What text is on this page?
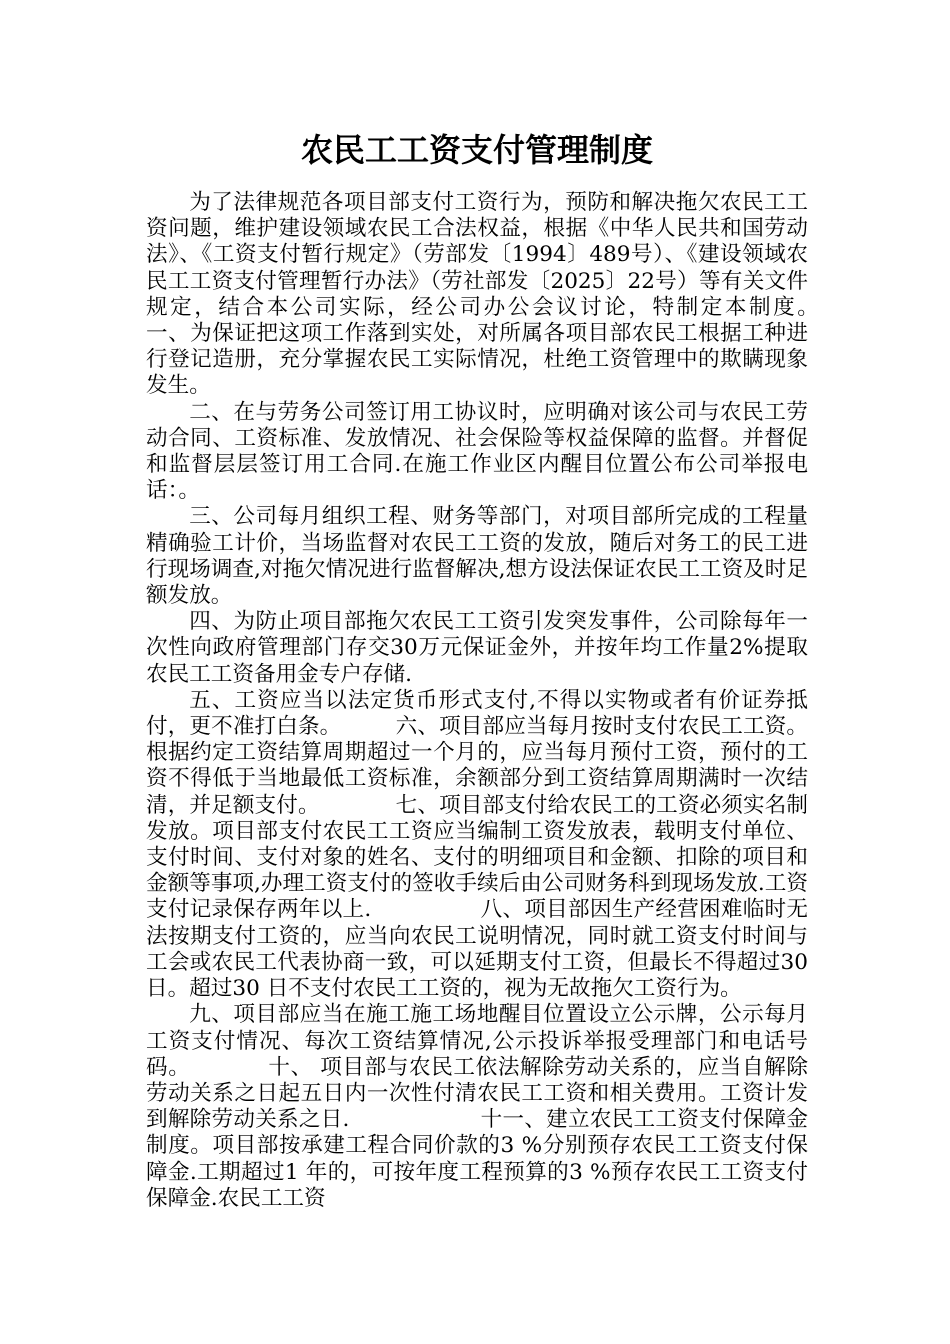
农民工工资支付管理制度

为了法律规范各项目部支付工资行为，预防和解决拖欠农民工工资问题，维护建设领域农民工合法权益，根据《中华人民共和国劳动法》、《工资支付暂行规定》（劳部发〔1994〕489号）、《建设领域农民工工资支付管理暂行办法》（劳社部发〔2025〕22号）等有关文件规定，结合本公司实际，经公司办公会议讨论，特制定本制度。　　　　一、为保证把这项工作落到实处，对所属各项目部农民工根据工种进行登记造册，充分掌握农民工实际情况，杜绝工资管理中的欺瞒现象发生。

二、在与劳务公司签订用工协议时，应明确对该公司与农民工劳动合同、工资标准、发放情况、社会保险等权益保障的监督。并督促和监督层层签订用工合同.在施工作业区内醒目位置公布公司举报电话：。

三、公司每月组织工程、财务等部门，对项目部所完成的工程量精确验工计价，当场监督对农民工工资的发放，随后对务工的民工进行现场调查,对拖欠情况进行监督解决,想方设法保证农民工工资及时足额发放。

四、为防止项目部拖欠农民工工资引发突发事件，公司除每年一次性向政府管理部门存交30万元保证金外，并按年均工作量2%提取农民工工资备用金专户存储.

五、工资应当以法定货币形式支付,不得以实物或者有价证券抵付，更不准打白条。　　　六、项目部应当每月按时支付农民工工资。根据约定工资结算周期超过一个月的，应当每月预付工资，预付的工资不得低于当地最低工资标准，余额部分到工资结算周期满时一次结清，并足额支付。　　　　七、项目部支付给农民工的工资必须实名制发放。项目部支付农民工工资应当编制工资发放表，载明支付单位、支付时间、支付对象的姓名、支付的明细项目和金额、扣除的项目和金额等事项,办理工资支付的签收手续后由公司财务科到现场发放.工资支付记录保存两年以上.　　　　　八、项目部因生产经营困难临时无法按期支付工资的，应当向农民工说明情况，同时就工资支付时间与工会或农民工代表协商一致，可以延期支付工资，但最长不得超过30 日。超过30 日不支付农民工工资的，视为无故拖欠工资行为。

九、项目部应当在施工施工场地醒目位置设立公示牌，公示每月工资支付情况、每次工资结算情况,公示投诉举报受理部门和电话号码。　　　　十、 项目部与农民工依法解除劳动关系的，应当自解除劳动关系之日起五日内一次性付清农民工工资和相关费用。工资计发到解除劳动关系之日.　　　　　　十一、建立农民工工资支付保障金制度。项目部按承建工程合同价款的3 %分别预存农民工工资支付保障金.工期超过1 年的，可按年度工程预算的3 %预存农民工工资支付保障金.农民工工资
